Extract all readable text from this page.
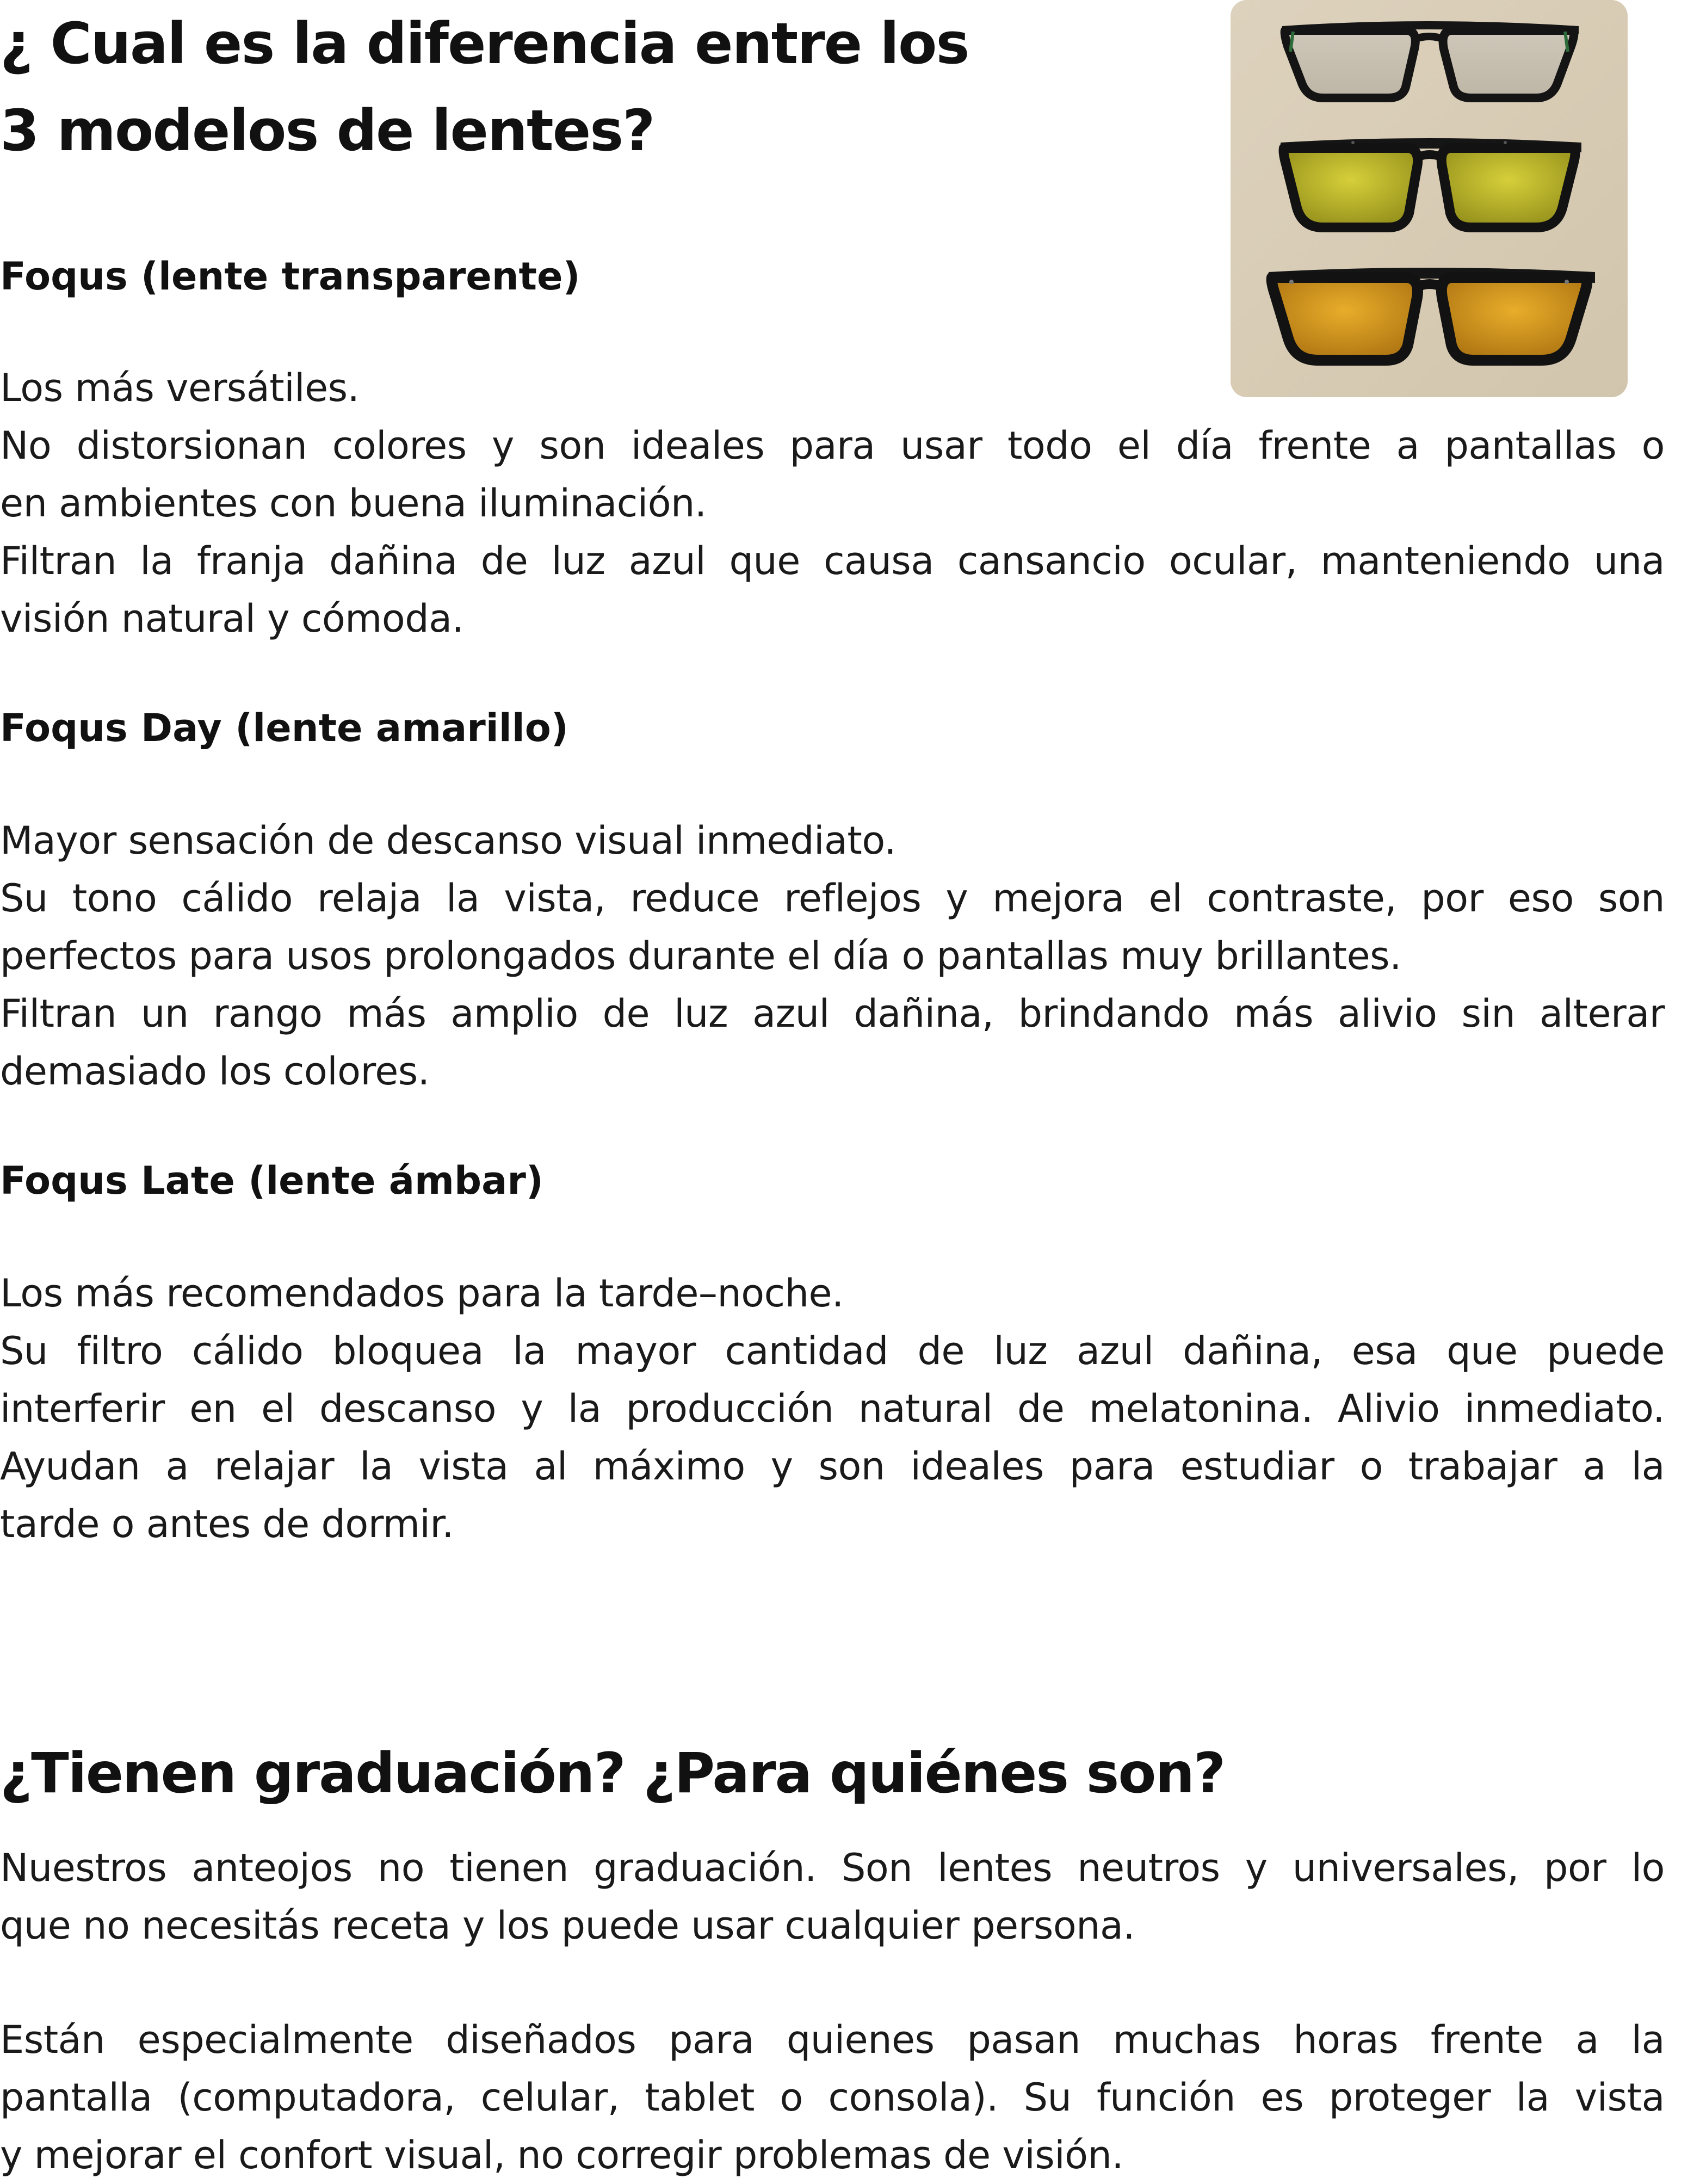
¿ Cual es la diferencia entre los
3 modelos de lentes?
Foqus (lente transparente)
Los más versátiles.
No distorsionan colores y son ideales para usar todo el día frente a pantallas o
en ambientes con buena iluminación.
Filtran la franja dañina de luz azul que causa cansancio ocular, manteniendo una
visión natural y cómoda.
Foqus Day (lente amarillo)
Mayor sensación de descanso visual inmediato.
Su tono cálido relaja la vista, reduce reflejos y mejora el contraste, por eso son
perfectos para usos prolongados durante el día o pantallas muy brillantes.
Filtran un rango más amplio de luz azul dañina, brindando más alivio sin alterar
demasiado los colores.
Foqus Late (lente ámbar)
Los más recomendados para la tarde–noche.
Su filtro cálido bloquea la mayor cantidad de luz azul dañina, esa que puede
interferir en el descanso y la producción natural de melatonina. Alivio inmediato.
Ayudan a relajar la vista al máximo y son ideales para estudiar o trabajar a la
tarde o antes de dormir.
¿Tienen graduación? ¿Para quiénes son?
Nuestros anteojos no tienen graduación. Son lentes neutros y universales, por lo
que no necesitás receta y los puede usar cualquier persona.
Están especialmente diseñados para quienes pasan muchas horas frente a la
pantalla (computadora, celular, tablet o consola). Su función es proteger la vista
y mejorar el confort visual, no corregir problemas de visión.
